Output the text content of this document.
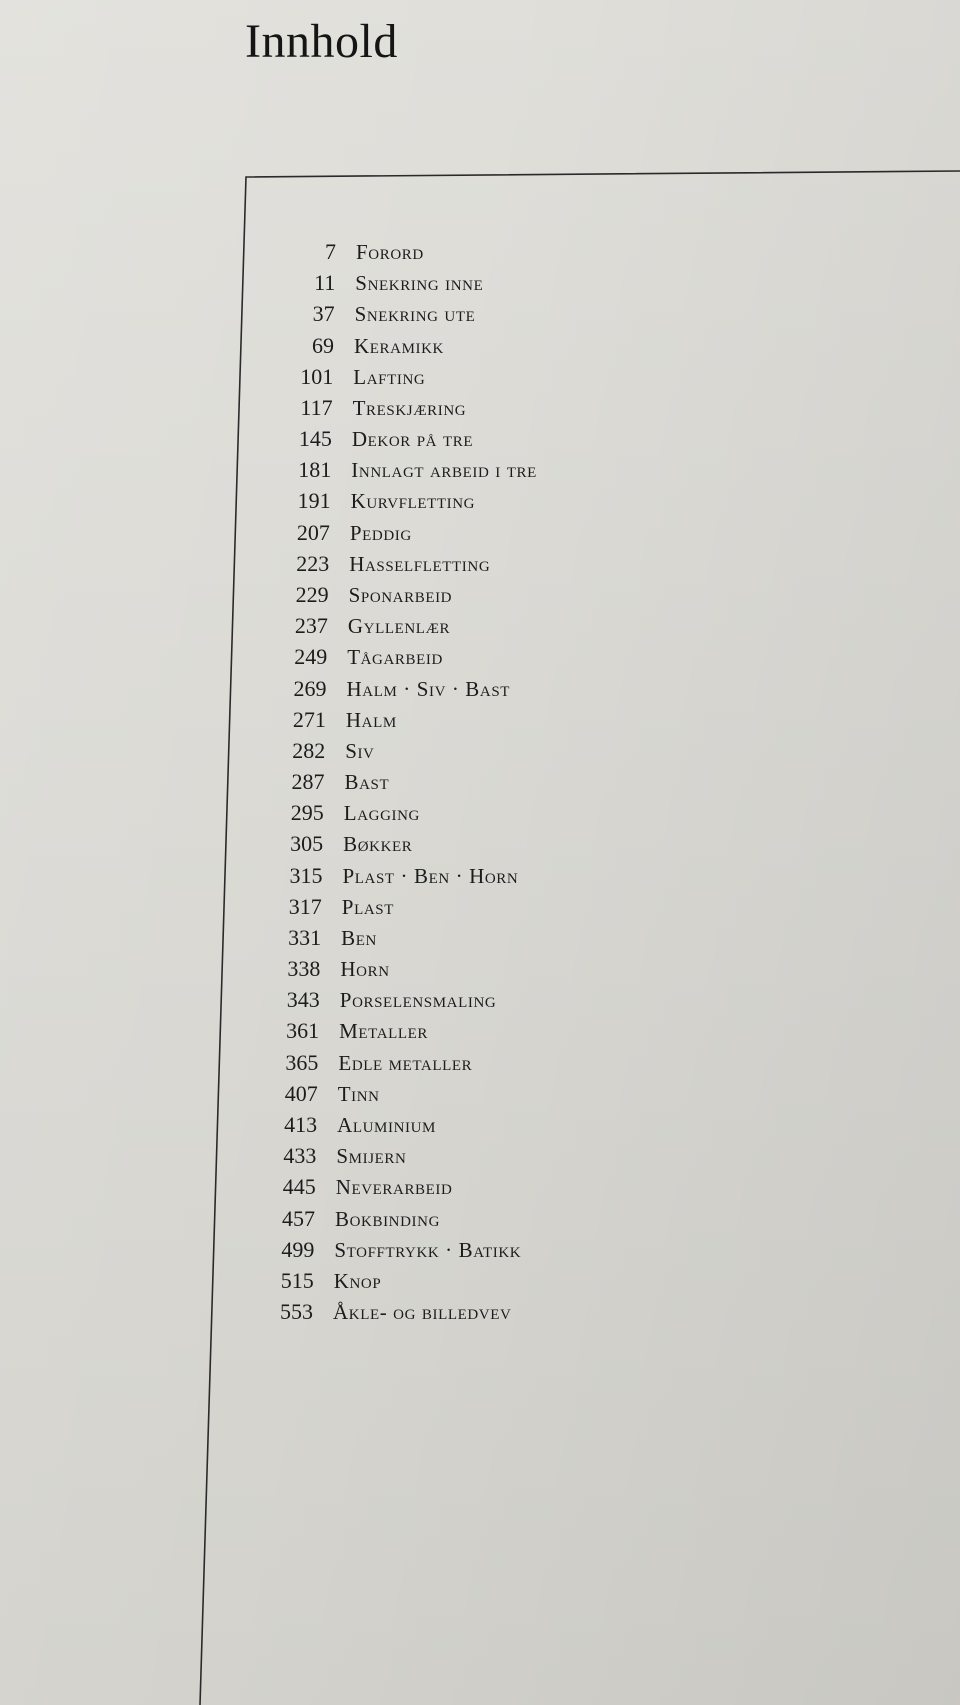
Innhold
7 Forord
11 Snekring inne
37 Snekring ute
69 Keramikk
101 Lafting
117 Treskjæring
145 Dekor på tre
181 Innlagt arbeid i tre
191 Kurvfletting
207 Peddig
223 Hasselfletting
229 Sponarbeid
237 Gyllenlær
249 Tågarbeid
269 Halm · Siv · Bast
271 Halm
282 Siv
287 Bast
295 Lagging
305 Bøkker
315 Plast · Ben · Horn
317 Plast
331 Ben
338 Horn
343 Porselensmaling
361 Metaller
365 Edle metaller
407 Tinn
413 Aluminium
433 Smijern
445 Neverarbeid
457 Bokbinding
499 Stofftrykk · Batikk
515 Knop
553 Åkle- og billedvev
